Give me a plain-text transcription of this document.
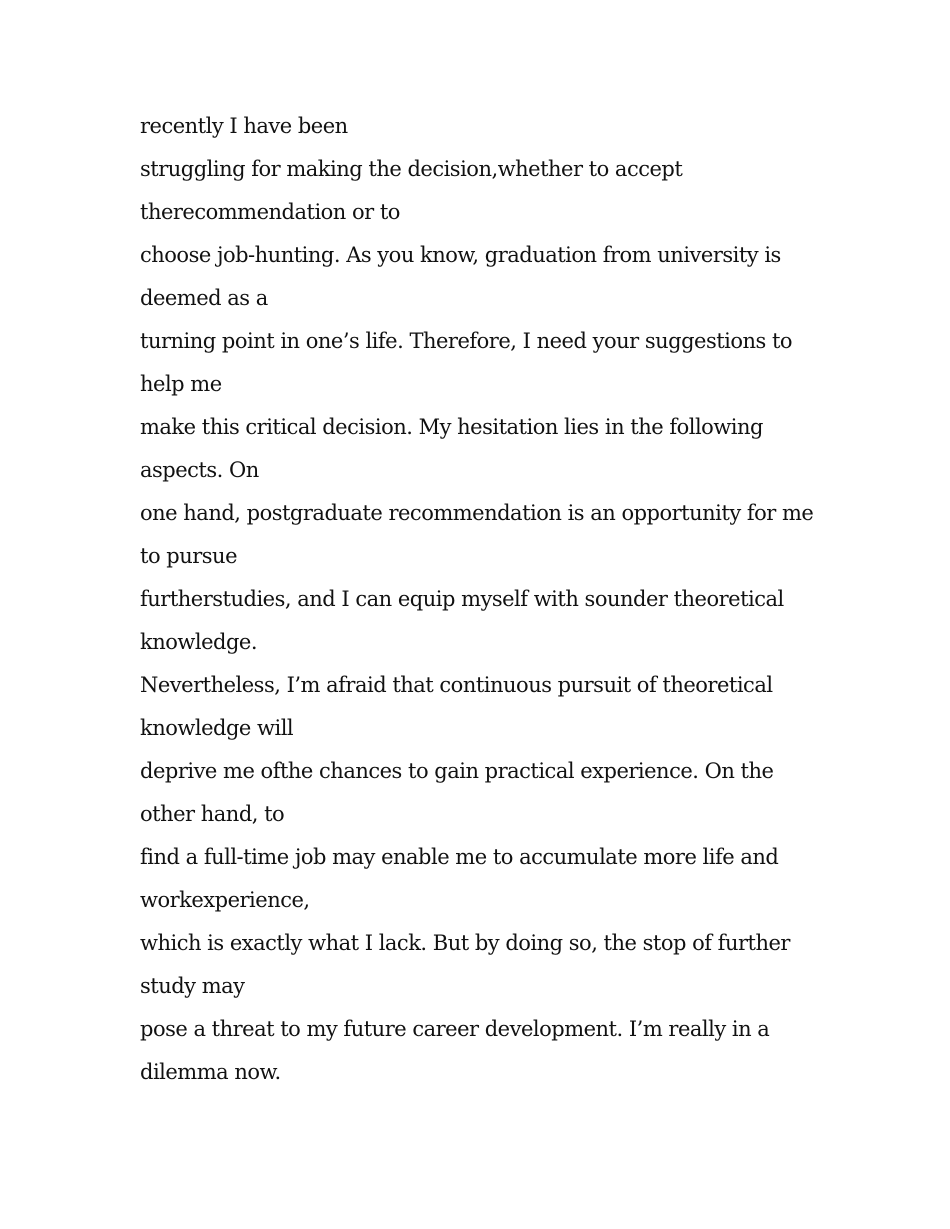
recently I have been
struggling for making the decision,whether to accept
therecommendation or to
choose job-hunting. As you know, graduation from university is
deemed as a
turning point in one’s life. Therefore, I need your suggestions to
help me
make this critical decision. My hesitation lies in the following
aspects. On
one hand, postgraduate recommendation is an opportunity for me
to pursue
furtherstudies, and I can equip myself with sounder theoretical
knowledge.
Nevertheless, I’m afraid that continuous pursuit of theoretical
knowledge will
deprive me ofthe chances to gain practical experience. On the
other hand, to
find a full-time job may enable me to accumulate more life and
workexperience,
which is exactly what I lack. But by doing so, the stop of further
study may
pose a threat to my future career development. I’m really in a
dilemma now.
